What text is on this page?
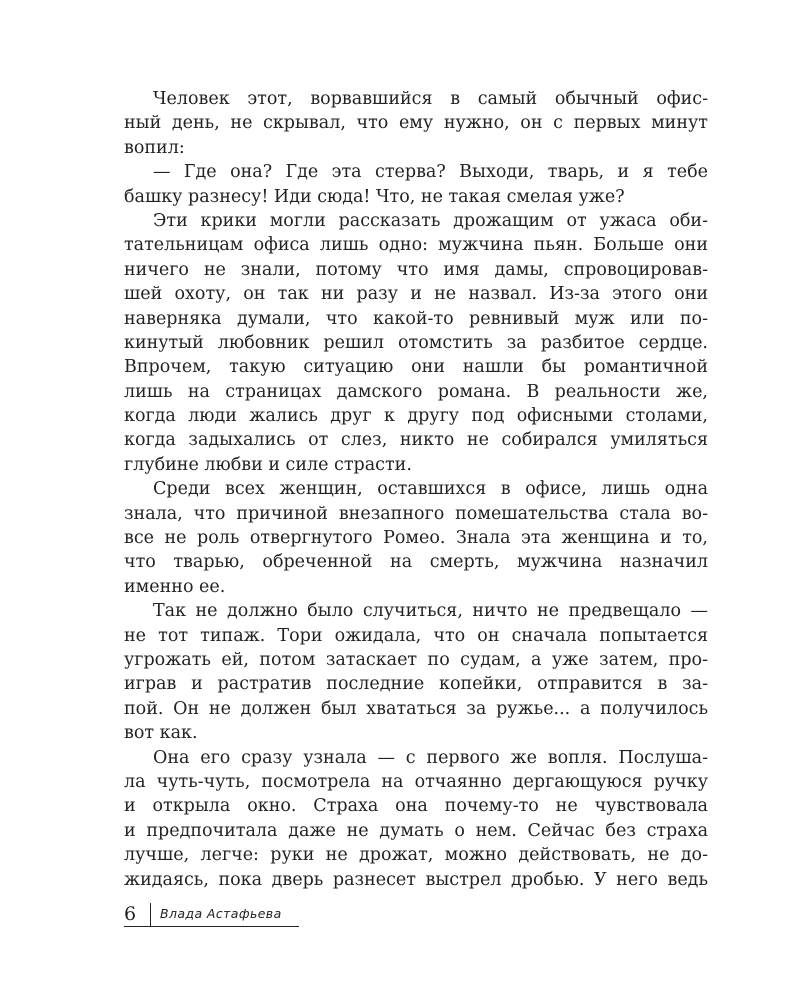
Человек этот, ворвавшийся в самый обычный офис-
ный день, не скрывал, что ему нужно, он с первых минут
вопил:
— Где она? Где эта стерва? Выходи, тварь, и я тебе
башку разнесу! Иди сюда! Что, не такая смелая уже?
Эти крики могли рассказать дрожащим от ужаса оби-
тательницам офиса лишь одно: мужчина пьян. Больше они
ничего не знали, потому что имя дамы, спровоцировав-
шей охоту, он так ни разу и не назвал. Из-за этого они
наверняка думали, что какой-то ревнивый муж или по-
кинутый любовник решил отомстить за разбитое сердце.
Впрочем, такую ситуацию они нашли бы романтичной
лишь на страницах дамского романа. В реальности же,
когда люди жались друг к другу под офисными столами,
когда задыхались от слез, никто не собирался умиляться
глубине любви и силе страсти.
Среди всех женщин, оставшихся в офисе, лишь одна
знала, что причиной внезапного помешательства стала во-
все не роль отвергнутого Ромео. Знала эта женщина и то,
что тварью, обреченной на смерть, мужчина назначил
именно ее.
Так не должно было случиться, ничто не предвещало —
не тот типаж. Тори ожидала, что он сначала попытается
угрожать ей, потом затаскает по судам, а уже затем, про-
играв и растратив последние копейки, отправится в за-
пой. Он не должен был хвататься за ружье... а получилось
вот как.
Она его сразу узнала — с первого же вопля. Послуша-
ла чуть-чуть, посмотрела на отчаянно дергающуюся ручку
и открыла окно. Страха она почему-то не чувствовала
и предпочитала даже не думать о нем. Сейчас без страха
лучше, легче: руки не дрожат, можно действовать, не до-
жидаясь, пока дверь разнесет выстрел дробью. У него ведь
6 Влада Астафьева
